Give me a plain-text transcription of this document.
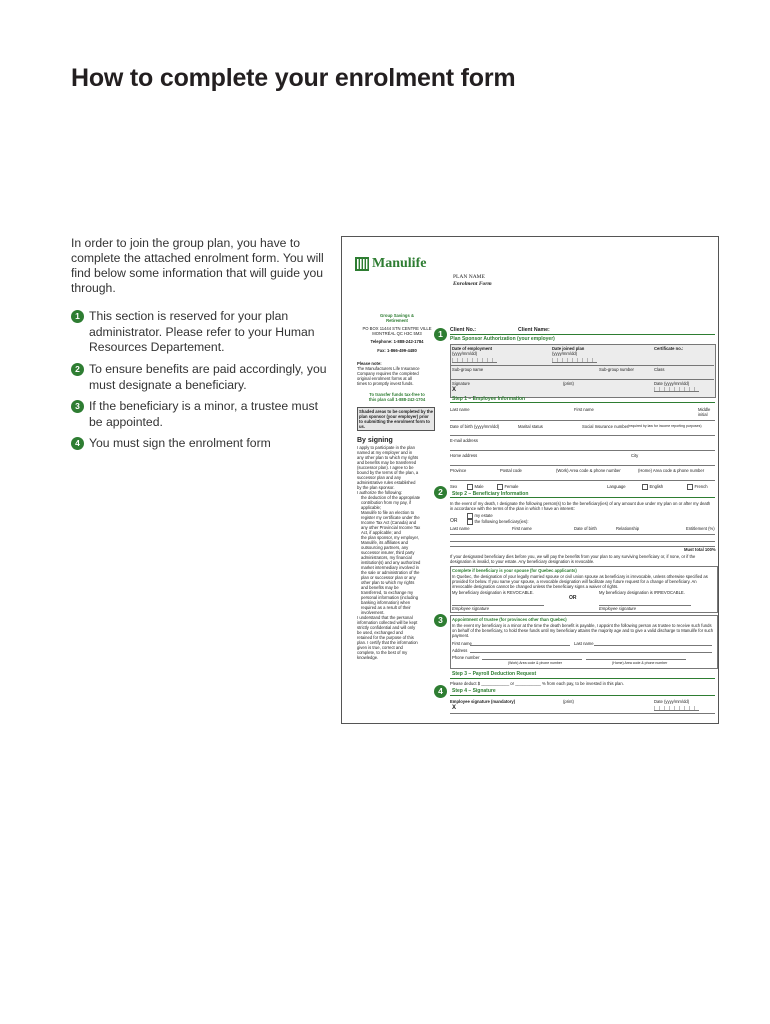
How to complete your enrolment form
In order to join the group plan, you have to complete the attached enrolment form. You will find below some information that will guide you through.
1 This section is reserved for your plan administrator. Please refer to your Human Resources Departement.
2 To ensure benefits are paid accordingly, you must designate a beneficiary.
3 If the beneficiary is a minor, a trustee must be appointed.
4 You must sign the enrolment form
Manulife
PLAN NAME
Enrolment Form
Group Savings & Retirement
PO BOX 11444 STN CENTRE VILLE MONTRÉAL QC H3C 5M3
Telephone: 1-888-242-1784
Fax: 1-866-499-4480
Please note:
The Manufacturers Life Insurance Company requires the completed original enrolment forms at all times to promptly invest funds.
To transfer funds tax-free to this plan call 1-888-242-1704
Shaded areas to be completed by the plan sponsor (your employer) prior to submitting the enrolment form to us.
By signing
I apply to participate in the plan named at my employer and in any other plan to which my rights and benefits may be transferred (successor plan). I agree to be bound by the terms of the plan, a successor plan and any administrative rules established by the plan sponsor.
I authorize the following:
the deduction of the appropriate contribution from my pay, if applicable;
Manulife to file an election to register my certificate under the Income Tax Act (Canada) and any other Provincial Income Tax Act, if applicable; and
the plan sponsor, my employer, Manulife, its affiliates and outsourcing partners, any successor insurer, third party administrators, my financial institution(s) and any authorized market intermediary involved in the sale or administration of the plan or successor plan or any other plan to which my rights and benefits may be transferred, to exchange my personal information (including banking information) when required as a result of their involvement.
I understand that the personal information collected will be kept strictly confidential and will only be used, exchanged and retained for the purpose of this plan. I certify that the information given is true, correct and complete, to the best of my knowledge.
1
2
3
4
Client No.:	Client Name:
Plan Sponsor Authorization (your employer)
Date of employment
(yyyy/mm/dd)
Date joined plan
(yyyy/mm/dd)
Certificate no.:
Sub-group name	Sub-group number	Class
Signature	(print)	Date (yyyy/mm/dd)
X
Step 1 – Employee Information
Last name	First name	Middle initial
Date of birth (yyyy/mm/dd)	Marital status	Social Insurance number (required by law for income reporting purposes)
E-mail address
Home address	City
Province	Postal code	(Work) Area code & phone number	(Home) Area code & phone number
Sex	Male	Female	Language	English	French
Step 2 – Beneficiary Information
In the event of my death, I designate the following person(s) to be the beneficiary(ies) of any amount due under my plan on or after my death in accordance with the terms of the plan in which I have an interest:
my estate
OR	the following beneficiary(ies):
Last name	First name	Date of birth	Relationship	Entitlement (%)
Must total 100%
If your designated beneficiary dies before you, we will pay the benefits from your plan to any surviving beneficiary or, if none, or if the designation is invalid, to your estate. Any beneficiary designation is revocable.
Complete if beneficiary is your spouse (for Quebec applicants)
In Quebec, the designation of your legally married spouse or civil union spouse as beneficiary is irrevocable, unless otherwise specified as provided for below. If you name your spouse, a revocable designation will facilitate any future request for a change of beneficiary. An irrevocable designation cannot be changed unless the beneficiary signs a waiver of rights.
My beneficiary designation is REVOCABLE.	My beneficiary designation is IRREVOCABLE.
OR
Employee signature	Employee signature
Appointment of trustee (for provinces other than Quebec)
In the event my beneficiary is a minor at the time the death benefit is payable, I appoint the following person as trustee to receive such funds on behalf of the beneficiary, to hold these funds until my beneficiary attains the majority age and to give a valid discharge to Manulife for such payment.
First name	Last name
Address
Phone number
(Work) Area code & phone number	(Home) Area code & phone number
Step 3 – Payroll Deduction Request
Please deduct $ ____________ or ___________ % from each pay, to be invested in this plan.
Step 4 – Signature
Employee signature (mandatory)	(print)	Date (yyyy/mm/dd)
X
